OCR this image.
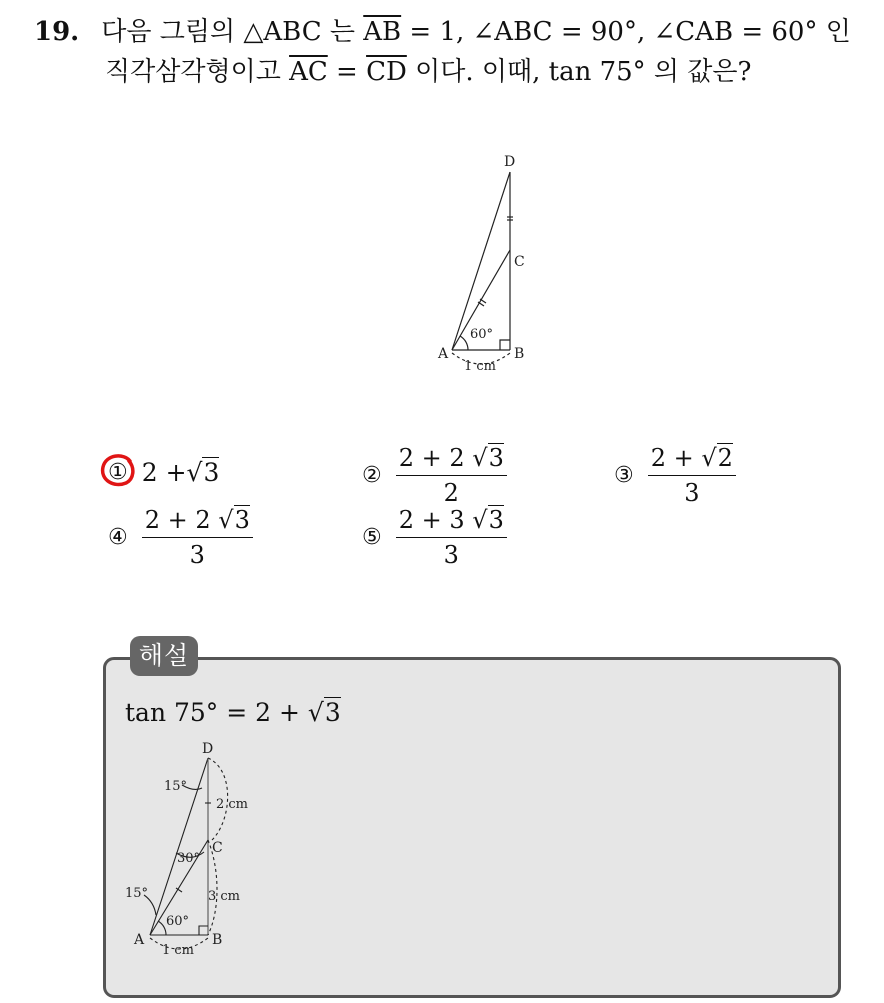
19. 다음 그림의 △ABC 는 $\overline{AB} = 1$, ∠ABC = 90°, ∠CAB = 60° 인
직각삼각형이고 $\overline{AC} = \overline{CD}$ 이다. 이때, tan 75° 의 값은?
D
C
A	B
60°
1 cm
① 2 + √3	② $\frac{2 + 2 √3}{2}$	③ $\frac{2 + √2}{3}$
④ $\frac{2 + 2 √3}{3}$	⑤ $\frac{2 + 3 √3}{3}$
해설
tan 75° = 2 + √3
D
C
A	B
15°
15°
30°
60°
2 cm
3 cm
1 cm
